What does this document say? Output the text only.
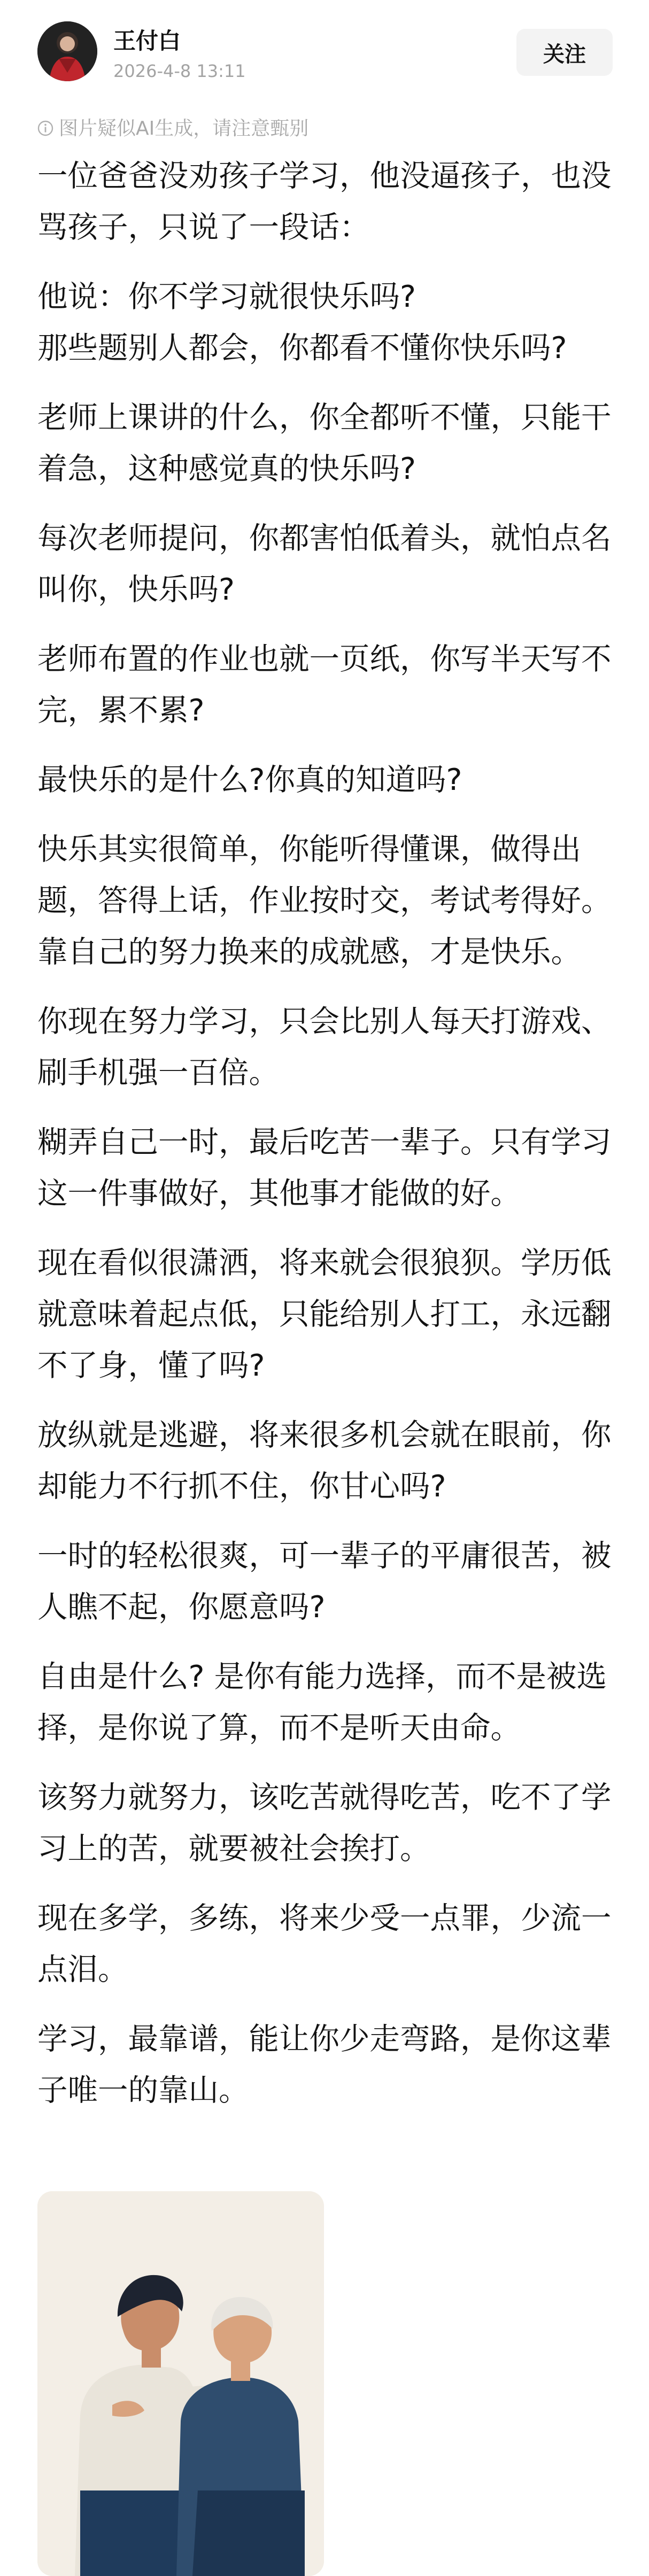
王付白
2026-4-8 13:11
关注
图片疑似AI生成，请注意甄别

一位爸爸没劝孩子学习，他没逼孩子，也没骂孩子，只说了一段话：

他说：你不学习就很快乐吗?
那些题别人都会，你都看不懂你快乐吗?

老师上课讲的什么，你全都听不懂，只能干着急，这种感觉真的快乐吗?

每次老师提问，你都害怕低着头，就怕点名叫你，快乐吗?

老师布置的作业也就一页纸，你写半天写不完，累不累?

最快乐的是什么?你真的知道吗?

快乐其实很简单，你能听得懂课，做得出题，答得上话，作业按时交，考试考得好。靠自己的努力换来的成就感，才是快乐。

你现在努力学习，只会比别人每天打游戏、刷手机强一百倍。

糊弄自己一时，最后吃苦一辈子。只有学习这一件事做好，其他事才能做的好。

现在看似很潇洒，将来就会很狼狈。学历低就意味着起点低，只能给别人打工，永远翻不了身，懂了吗?

放纵就是逃避，将来很多机会就在眼前，你却能力不行抓不住，你甘心吗?

一时的轻松很爽，可一辈子的平庸很苦，被人瞧不起，你愿意吗?

自由是什么? 是你有能力选择，而不是被选择，是你说了算，而不是听天由命。

该努力就努力，该吃苦就得吃苦，吃不了学习上的苦，就要被社会挨打。

现在多学，多练，将来少受一点罪，少流一点泪。

学习，最靠谱，能让你少走弯路，是你这辈子唯一的靠山。
